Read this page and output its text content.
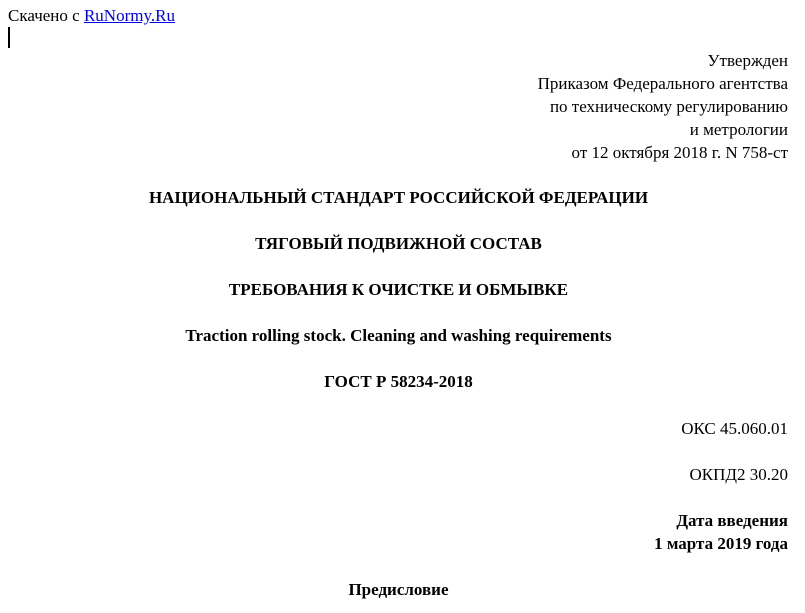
Скачено с RuNormy.Ru
Утвержден
Приказом Федерального агентства
по техническому регулированию
и метрологии
от 12 октября 2018 г. N 758-ст
НАЦИОНАЛЬНЫЙ СТАНДАРТ РОССИЙСКОЙ ФЕДЕРАЦИИ
ТЯГОВЫЙ ПОДВИЖНОЙ СОСТАВ
ТРЕБОВАНИЯ К ОЧИСТКЕ И ОБМЫВКЕ
Traction rolling stock. Cleaning and washing requirements
ГОСТ Р 58234-2018
ОКС 45.060.01
ОКПД2 30.20
Дата введения
1 марта 2019 года
Предисловие
